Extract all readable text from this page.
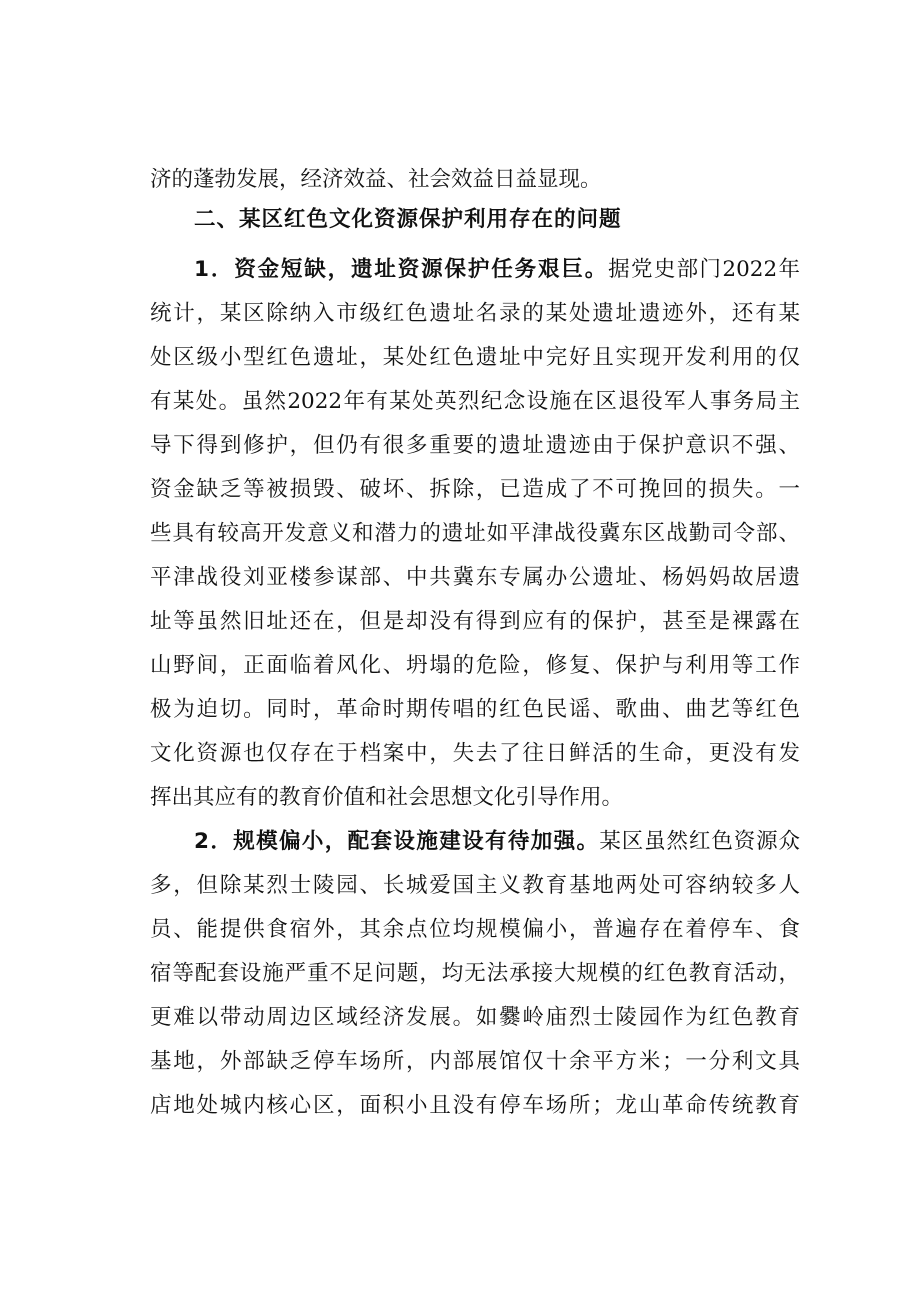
济的蓬勃发展，经济效益、社会效益日益显现。
二、某区红色文化资源保护利用存在的问题
1．资金短缺，遗址资源保护任务艰巨。据党史部门2022年
统计，某区除纳入市级红色遗址名录的某处遗址遗迹外，还有某
处区级小型红色遗址，某处红色遗址中完好且实现开发利用的仅
有某处。虽然2022年有某处英烈纪念设施在区退役军人事务局主
导下得到修护，但仍有很多重要的遗址遗迹由于保护意识不强、
资金缺乏等被损毁、破坏、拆除，已造成了不可挽回的损失。一
些具有较高开发意义和潜力的遗址如平津战役冀东区战勤司令部、
平津战役刘亚楼参谋部、中共冀东专属办公遗址、杨妈妈故居遗
址等虽然旧址还在，但是却没有得到应有的保护，甚至是裸露在
山野间，正面临着风化、坍塌的危险，修复、保护与利用等工作
极为迫切。同时，革命时期传唱的红色民谣、歌曲、曲艺等红色
文化资源也仅存在于档案中，失去了往日鲜活的生命，更没有发
挥出其应有的教育价值和社会思想文化引导作用。
2．规模偏小，配套设施建设有待加强。某区虽然红色资源众
多，但除某烈士陵园、长城爱国主义教育基地两处可容纳较多人
员、能提供食宿外，其余点位均规模偏小，普遍存在着停车、食
宿等配套设施严重不足问题，均无法承接大规模的红色教育活动，
更难以带动周边区域经济发展。如爨岭庙烈士陵园作为红色教育
基地，外部缺乏停车场所，内部展馆仅十余平方米；一分利文具
店地处城内核心区，面积小且没有停车场所；龙山革命传统教育
